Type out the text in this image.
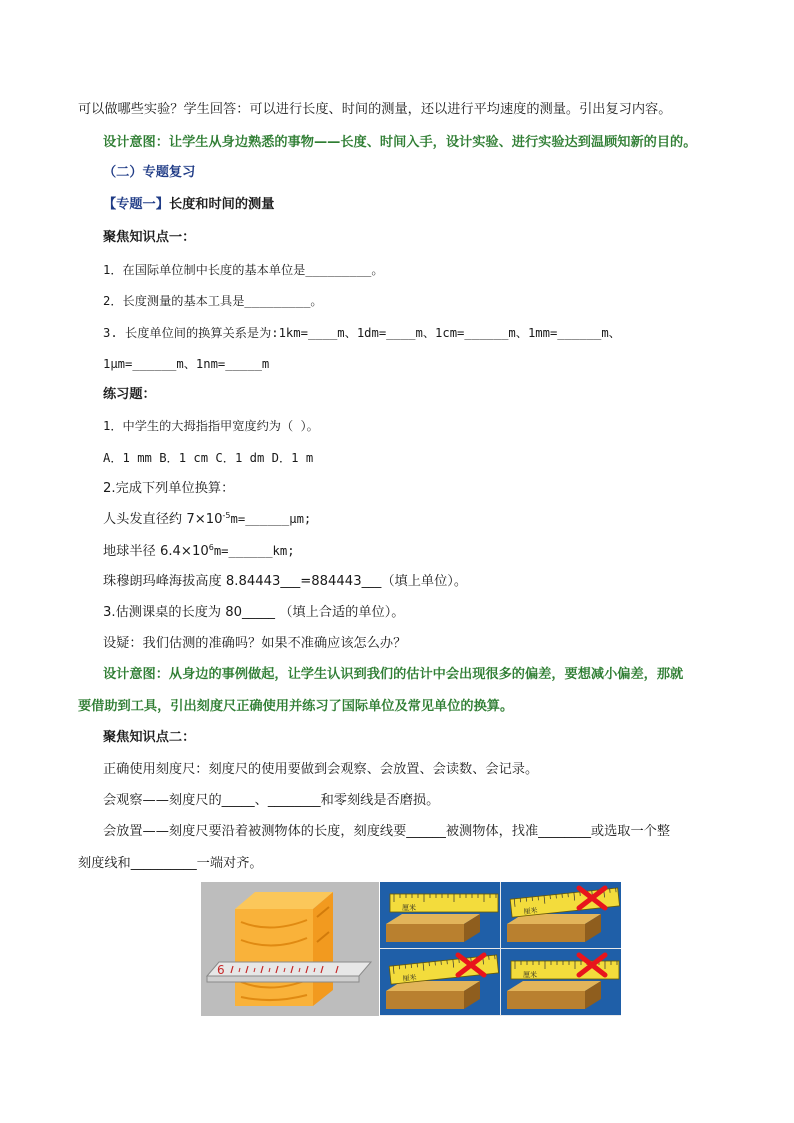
可以做哪些实验？学生回答：可以进行长度、时间的测量，还以进行平均速度的测量。引出复习内容。
设计意图：让学生从身边熟悉的事物——长度、时间入手，设计实验、进行实验达到温顾知新的目的。
（二）专题复习
【专题一】长度和时间的测量
聚焦知识点一：
1．在国际单位制中长度的基本单位是_________。
2．长度测量的基本工具是_________。
3. 长度单位间的换算关系是为:1km=____m、1dm=____m、1cm=______m、1mm=______m、
1μm=______m、1nm=_____m
练习题：
1．中学生的大拇指指甲宽度约为（ ）。
A．1 mm B．1 cm C．1 dm D．1 m
2.完成下列单位换算：
人头发直径约 $7\times 10^{-5}m=\_\_\_\_\_\_\mu m$;
地球半径 $6.4\times 10^6m=\_\_\_\_\_\_km$;
珠穆朗玛峰海拔高度 8.84443___=884443___（填上单位）。
3.估测课桌的长度为 80_____ （填上合适的单位）。
设疑：我们估测的准确吗？如果不准确应该怎么办？
设计意图：从身边的事例做起，让学生认识到我们的估计中会出现很多的偏差，要想减小偏差，那就
要借助到工具，引出刻度尺正确使用并练习了国际单位及常见单位的换算。
聚焦知识点二：
正确使用刻度尺：刻度尺的使用要做到会观察、会放置、会读数、会记录。
会观察——刻度尺的_____、________和零刻线是否磨损。
会放置——刻度尺要沿着被测物体的长度，刻度线要______被测物体，找准________或选取一个整
刻度线和__________一端对齐。
6
厘米	厘米
厘米	厘米
